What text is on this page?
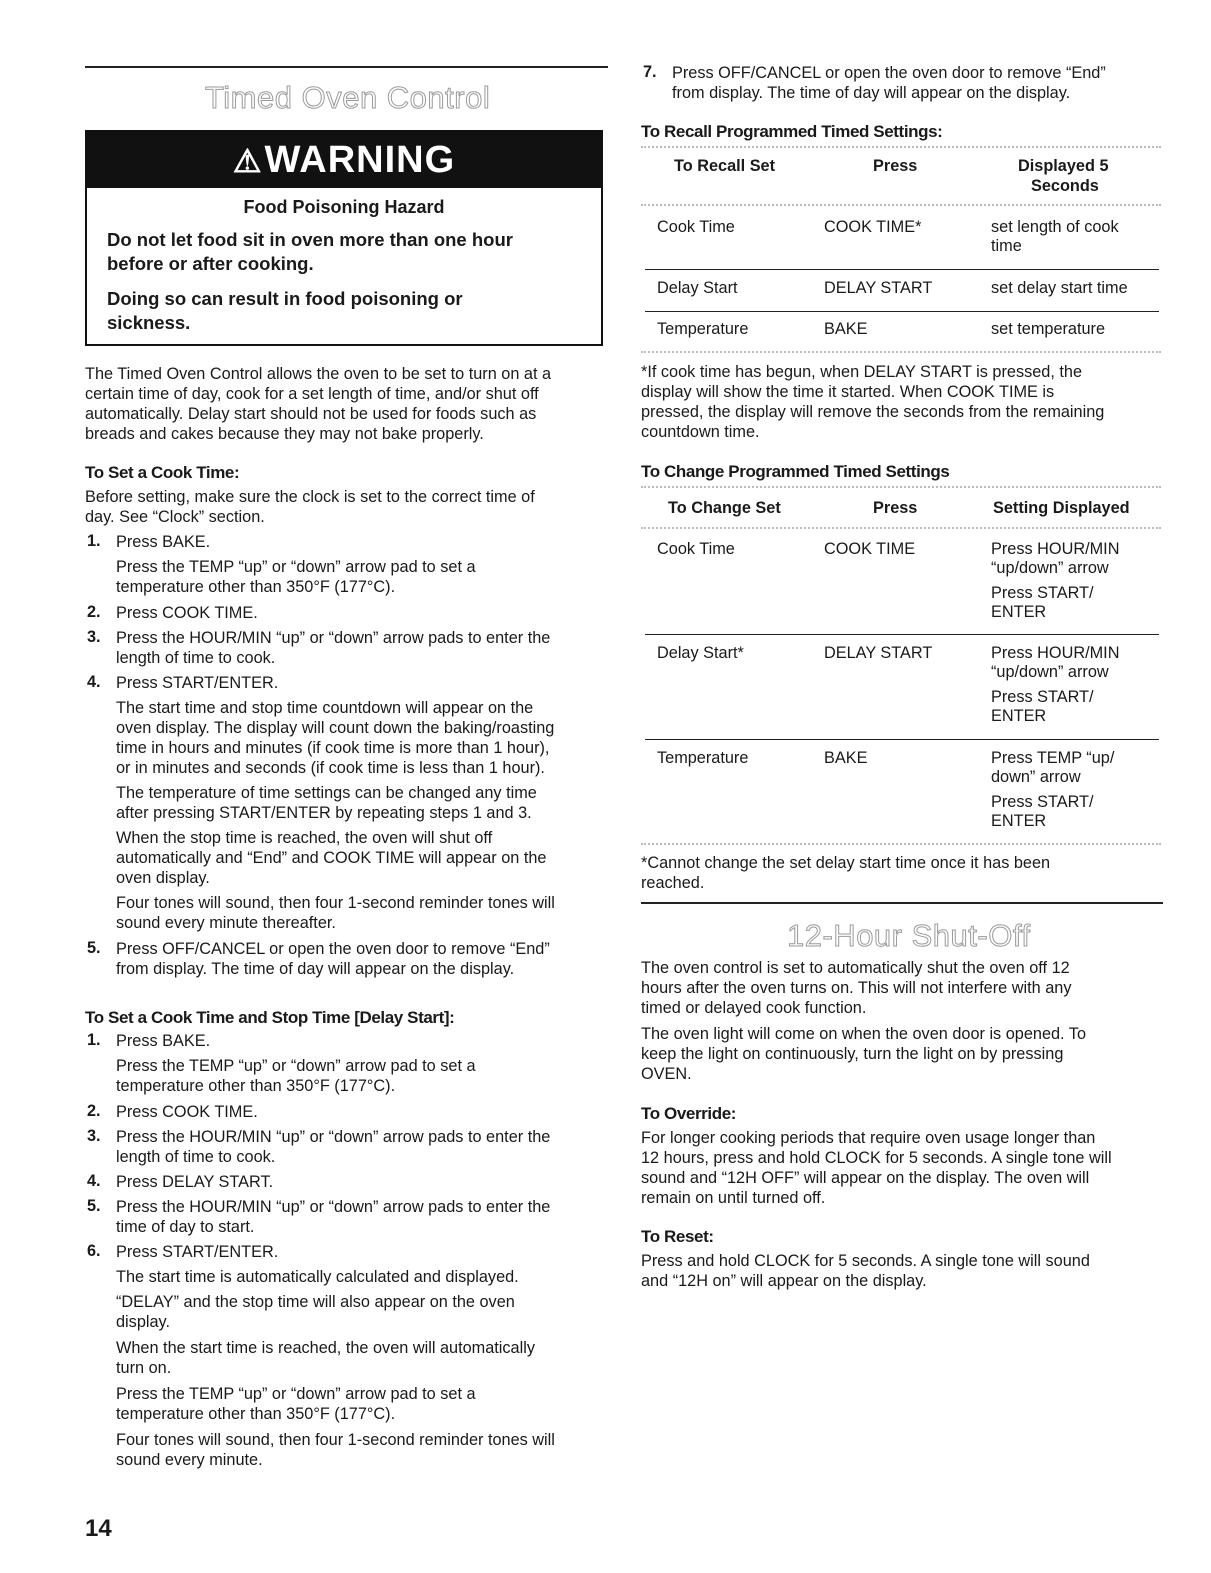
Timed Oven Control
⚠WARNING
Food Poisoning Hazard
Do not let food sit in oven more than one hour
before or after cooking.
Doing so can result in food poisoning or
sickness.

The Timed Oven Control allows the oven to be set to turn on at a

certain time of day, cook for a set length of time, and/or shut off

automatically. Delay start should not be used for foods such as

breads and cakes because they may not bake properly.

To Set a Cook Time:

Before setting, make sure the clock is set to the correct time of

day. See “Clock” section.

1. Press BAKE.
Press the TEMP “up” or “down” arrow pad to set a
temperature other than 350°F (177°C).
2. Press COOK TIME.
3. Press the HOUR/MIN “up” or “down” arrow pads to enter the
length of time to cook.
4. Press START/ENTER.
The start time and stop time countdown will appear on the
oven display. The display will count down the baking/roasting
time in hours and minutes (if cook time is more than 1 hour),
or in minutes and seconds (if cook time is less than 1 hour).
The temperature of time settings can be changed any time
after pressing START/ENTER by repeating steps 1 and 3.
When the stop time is reached, the oven will shut off
automatically and “End” and COOK TIME will appear on the
oven display.
Four tones will sound, then four 1-second reminder tones will
sound every minute thereafter.
5. Press OFF/CANCEL or open the oven door to remove “End”
from display. The time of day will appear on the display.
To Set a Cook Time and Stop Time [Delay Start]:
1. Press BAKE.
Press the TEMP “up” or “down” arrow pad to set a
temperature other than 350°F (177°C).
2. Press COOK TIME.
3. Press the HOUR/MIN “up” or “down” arrow pads to enter the
length of time to cook.
4. Press DELAY START.
5. Press the HOUR/MIN “up” or “down” arrow pads to enter the
time of day to start.
6. Press START/ENTER.
The start time is automatically calculated and displayed.
“DELAY” and the stop time will also appear on the oven
display.
When the start time is reached, the oven will automatically
turn on.
Press the TEMP “up” or “down” arrow pad to set a
temperature other than 350°F (177°C).
Four tones will sound, then four 1-second reminder tones will
sound every minute.
14
7. Press OFF/CANCEL or open the oven door to remove “End”
from display. The time of day will appear on the display.
To Recall Programmed Timed Settings:
To Recall Set	Press	Displayed 5
Seconds
Cook Time	COOK TIME*	set length of cook
time
Delay Start	DELAY START	set delay start time
Temperature	BAKE	set temperature

*If cook time has begun, when DELAY START is pressed, the

display will show the time it started. When COOK TIME is

pressed, the display will remove the seconds from the remaining

countdown time.

To Change Programmed Timed Settings
To Change Set	Press	Setting Displayed
Cook Time	COOK TIME	Press HOUR/MIN
“up/down” arrow
Press START/
ENTER
Delay Start*	DELAY START	Press HOUR/MIN
“up/down” arrow
Press START/
ENTER
Temperature	BAKE	Press TEMP “up/
down” arrow
Press START/
ENTER

*Cannot change the set delay start time once it has been

reached.

12-Hour Shut-Off

The oven control is set to automatically shut the oven off 12

hours after the oven turns on. This will not interfere with any

timed or delayed cook function.

The oven light will come on when the oven door is opened. To

keep the light on continuously, turn the light on by pressing

OVEN.

To Override:

For longer cooking periods that require oven usage longer than

12 hours, press and hold CLOCK for 5 seconds. A single tone will

sound and “12H OFF” will appear on the display. The oven will

remain on until turned off.

To Reset:

Press and hold CLOCK for 5 seconds. A single tone will sound

and “12H on” will appear on the display.
